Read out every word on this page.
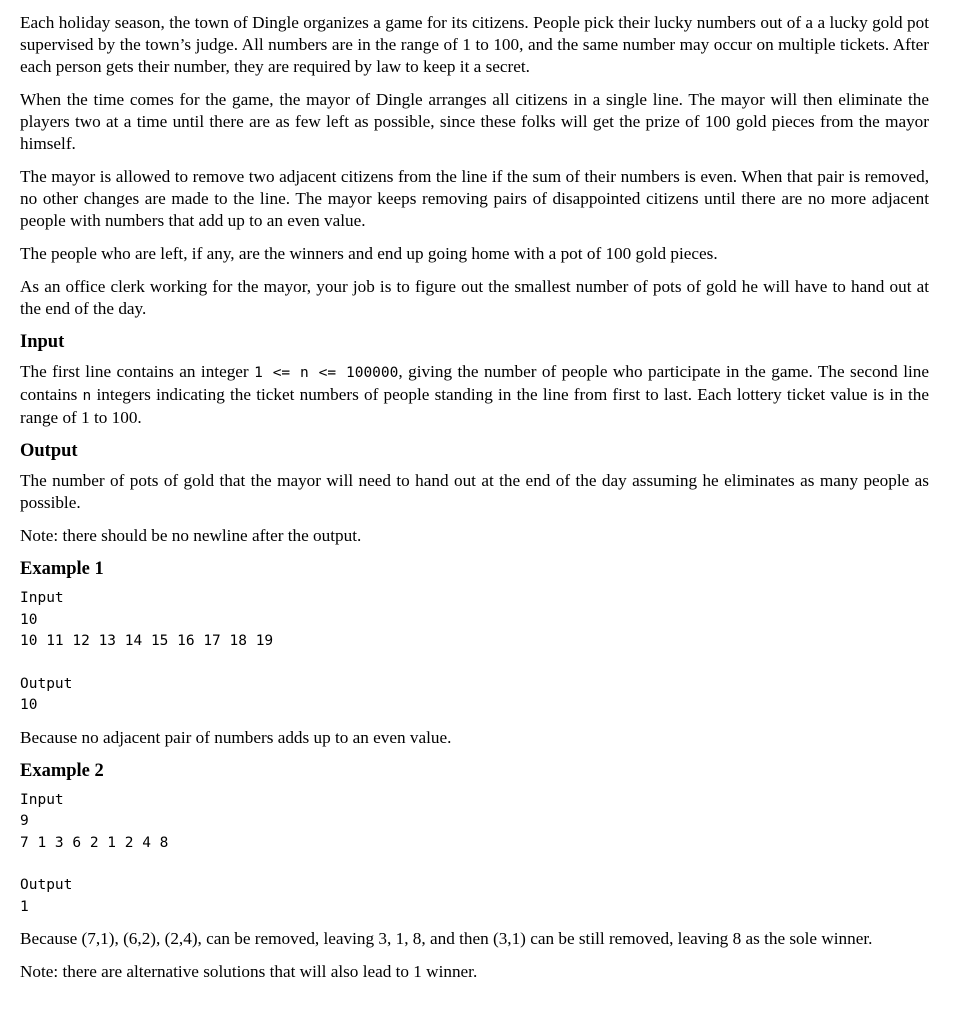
Each holiday season, the town of Dingle organizes a game for its citizens. People pick their lucky numbers out of a a lucky gold pot supervised by the town’s judge. All numbers are in the range of 1 to 100, and the same number may occur on multiple tickets. After each person gets their number, they are required by law to keep it a secret.

When the time comes for the game, the mayor of Dingle arranges all citizens in a single line. The mayor will then eliminate the players two at a time until there are as few left as possible, since these folks will get the prize of 100 gold pieces from the mayor himself.

The mayor is allowed to remove two adjacent citizens from the line if the sum of their numbers is even. When that pair is removed, no other changes are made to the line. The mayor keeps removing pairs of disappointed citizens until there are no more adjacent people with numbers that add up to an even value.

The people who are left, if any, are the winners and end up going home with a pot of 100 gold pieces.

As an office clerk working for the mayor, your job is to figure out the smallest number of pots of gold he will have to hand out at the end of the day.

Input

The first line contains an integer 1 <= n <= 100000, giving the number of people who participate in the game. The second line contains n integers indicating the ticket numbers of people standing in the line from first to last. Each lottery ticket value is in the range of 1 to 100.

Output

The number of pots of gold that the mayor will need to hand out at the end of the day assuming he eliminates as many people as possible.

Note: there should be no newline after the output.

Example 1
Input
10
10 11 12 13 14 15 16 17 18 19
Output
10

Because no adjacent pair of numbers adds up to an even value.

Example 2
Input
9
7 1 3 6 2 1 2 4 8
Output
1

Because (7,1), (6,2), (2,4), can be removed, leaving 3, 1, 8, and then (3,1) can be still removed, leaving 8 as the sole winner.

Note: there are alternative solutions that will also lead to 1 winner.
